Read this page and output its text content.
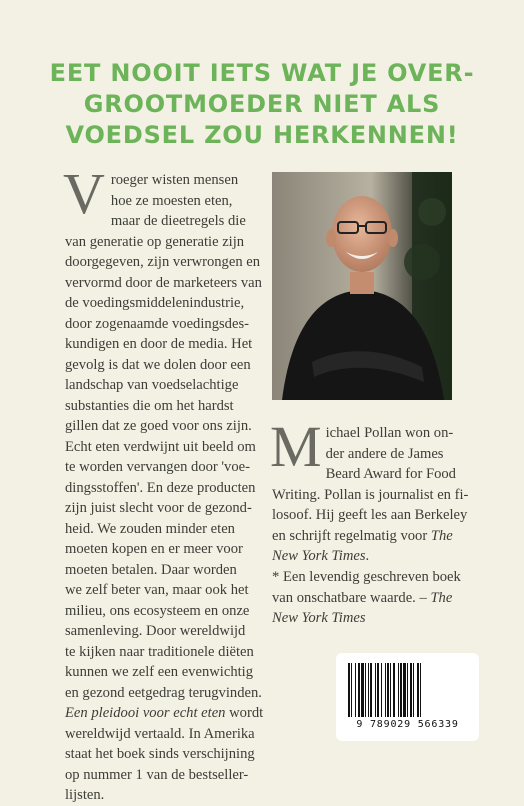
EET NOOIT IETS WAT JE OVER-
GROOTMOEDER NIET ALS
VOEDSEL ZOU HERKENNEN!
V roeger wisten mensen
hoe ze moesten eten,
maar de dieetregels die
van generatie op generatie zijn
doorgegeven, zijn verwrongen en
vervormd door de marketeers van
de voedingsmiddelenindustrie,
door zogenaamde voedingsdes-
kundigen en door de media. Het
gevolg is dat we dolen door een
landschap van voedselachtige
substanties die om het hardst
gillen dat ze goed voor ons zijn.
Echt eten verdwijnt uit beeld om
te worden vervangen door 'voe-
dingsstoffen'. En deze producten
zijn juist slecht voor de gezond-
heid. We zouden minder eten
moeten kopen en er meer voor
moeten betalen. Daar worden
we zelf beter van, maar ook het
milieu, ons ecosysteem en onze
samenleving. Door wereldwijd
te kijken naar traditionele diëten
kunnen we zelf een evenwichtig
en gezond eetgedrag terugvinden.
Een pleidooi voor echt eten wordt
wereldwijd vertaald. In Amerika
staat het boek sinds verschijning
op nummer 1 van de bestseller-
lijsten.
M ichael Pollan won on-
der andere de James
Beard Award for Food
Writing. Pollan is journalist en fi-
losoof. Hij geeft les aan Berkeley
en schrijft regelmatig voor The
New York Times.
* Een levendig geschreven boek
van onschatbare waarde. – The
New York Times
9 789029 566339
